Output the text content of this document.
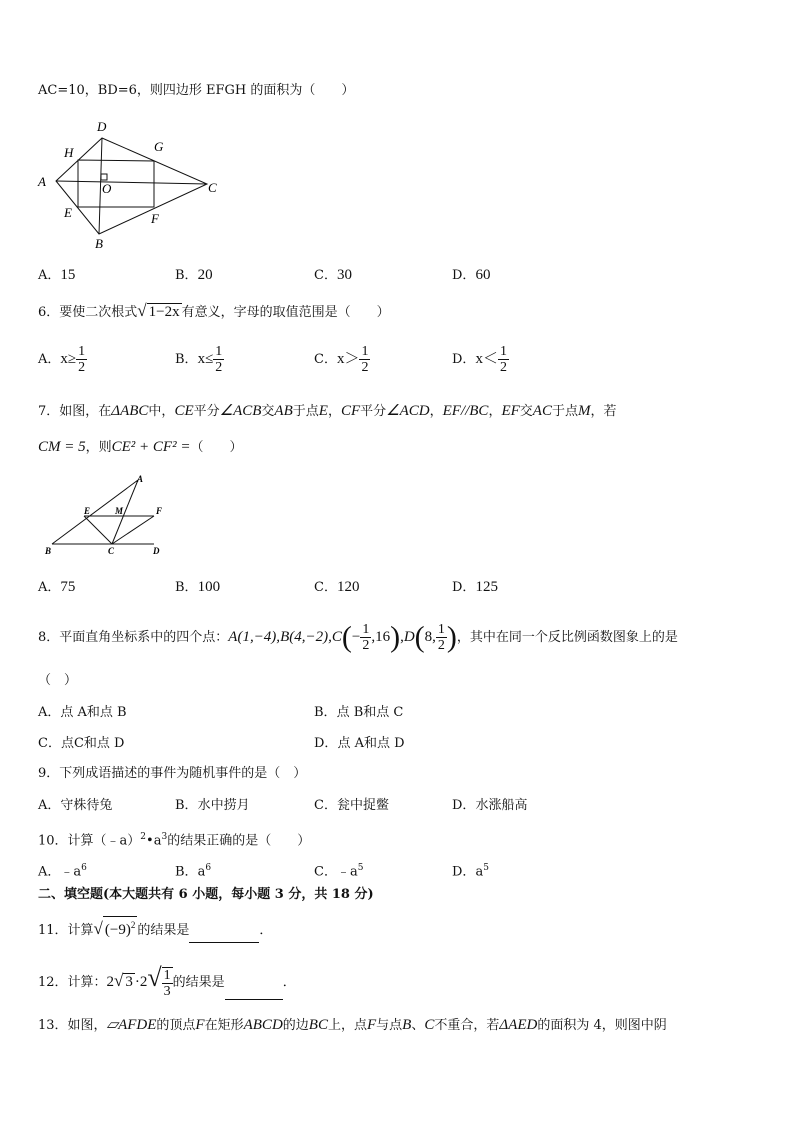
AC=10，BD=6，则四边形 EFGH 的面积为（　　）
D
H	G
A	O	C
E	F
B
A．15	B．20	C．30	D．60
6．要使二次根式√ 1−2x 有意义，字母的取值范围是（　　）
A．$x\ge \frac{1}{2}$	B．$x\le \frac{1}{2}$	C．$x> \frac{1}{2}$	D．$x< \frac{1}{2}$
7．如图，在ΔABC中，CE平分∠ACB交AB于点E，CF平分∠ACD，EF//BC，EF交AC于点M，若
CM = 5，则CE² + CF² =（　　）
A
E	M	F
B	C	D
A．75	B．100	C．120	D．125
8．平面直角坐标系中的四个点：$A(1,-4),B(4,-2),C(- \frac{1}{2} ,16),D(8$, $\frac{1}{2}$ )，其中在同一个反比例函数图象上的是
（　）
A．点 A和点 B	B．点 B和点 C
C．点C和点 D	D．点 A和点 D
9．下列成语描述的事件为随机事件的是（　）
A．守株待兔	B．水中捞月	C．瓮中捉鳖	D．水涨船高
10．计算$(﹣a)^2•a^3$的结果正确的是（　　）
A．$﹣a^6$	B．$a^6$	C．$﹣a^5$	D．$a^5$
二、填空题(本大题共有 6 小题，每小题 3 分，共 18 分)
11．计算√ $(-9)^2$ 的结果是	．
12．计算：2√ $3 \cdot 2√ \frac{1}{3}$ 的结果是	．
13．如图，▱AFDE的顶点F在矩形ABCD的边BC上，点F与点B、C不重合，若ΔAED的面积为 4，则图中阴
